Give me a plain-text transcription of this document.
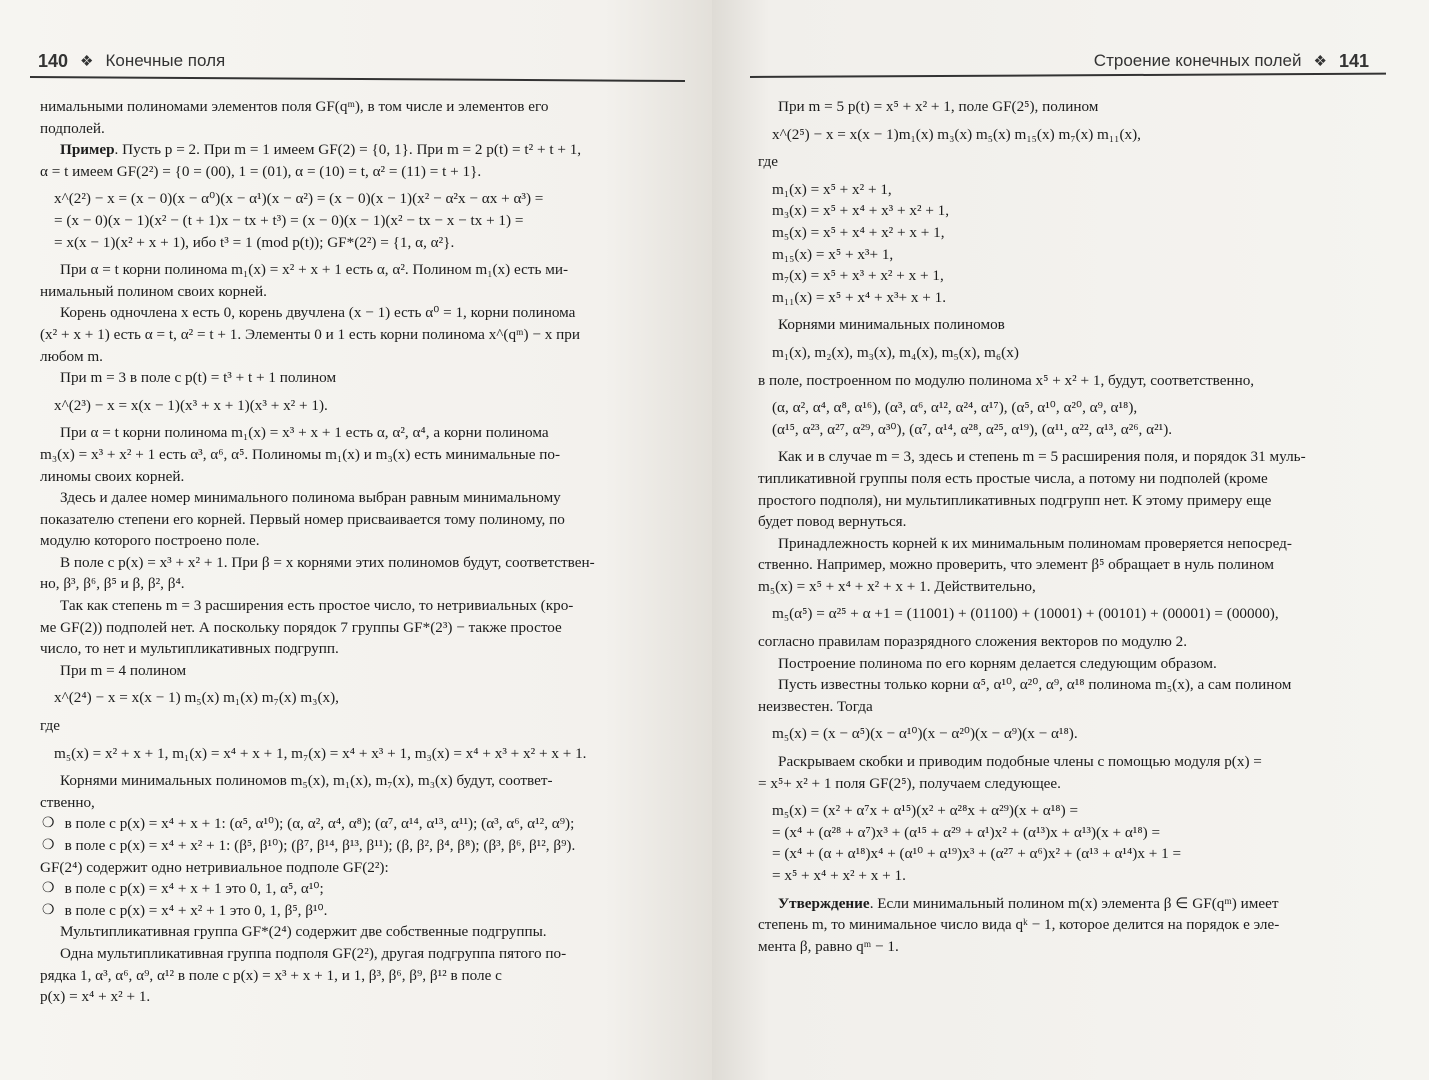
140 ❖ Конечные поля
нимальными полиномами элементов поля GF(qᵐ), в том числе и элементов его
подполей.
Пример. Пусть p = 2. При m = 1 имеем GF(2) = {0, 1}. При m = 2 p(t) = t² + t + 1,
α = t имеем GF(2²) = {0 = (00), 1 = (01), α = (10) = t, α² = (11) = t + 1}.
x^(2²) − x = (x − 0)(x − α⁰)(x − α¹)(x − α²) = (x − 0)(x − 1)(x² − α²x − αx + α³) =
= (x − 0)(x − 1)(x² − (t + 1)x − tx + t³) = (x − 0)(x − 1)(x² − tx − x − tx + 1) =
= x(x − 1)(x² + x + 1), ибо t³ = 1 (mod p(t)); GF*(2²) = {1, α, α²}.
При α = t корни полинома m₁(x) = x² + x + 1 есть α, α². Полином m₁(x) есть ми-
нимальный полином своих корней.
Корень одночлена x есть 0, корень двучлена (x − 1) есть α⁰ = 1, корни полинома
(x² + x + 1) есть α = t, α² = t + 1. Элементы 0 и 1 есть корни полинома x^(qᵐ) − x при
любом m.
При m = 3 в поле с p(t) = t³ + t + 1 полином
x^(2³) − x = x(x − 1)(x³ + x + 1)(x³ + x² + 1).
При α = t корни полинома m₁(x) = x³ + x + 1 есть α, α², α⁴, а корни полинома
m₃(x) = x³ + x² + 1 есть α³, α⁶, α⁵. Полиномы m₁(x) и m₃(x) есть минимальные по-
линомы своих корней.
Здесь и далее номер минимального полинома выбран равным минимальному
показателю степени его корней. Первый номер присваивается тому полиному, по
модулю которого построено поле.
В поле с p(x) = x³ + x² + 1. При β = x корнями этих полиномов будут, соответствен-
но, β³, β⁶, β⁵ и β, β², β⁴.
Так как степень m = 3 расширения есть простое число, то нетривиальных (кро-
ме GF(2)) подполей нет. А поскольку порядок 7 группы GF*(2³) − также простое
число, то нет и мультипликативных подгрупп.
При m = 4 полином
x^(2⁴) − x = x(x − 1) m₅(x) m₁(x) m₇(x) m₃(x),
где
m₅(x) = x² + x + 1, m₁(x) = x⁴ + x + 1, m₇(x) = x⁴ + x³ + 1, m₃(x) = x⁴ + x³ + x² + x + 1.
Корнями минимальных полиномов m₅(x), m₁(x), m₇(x), m₃(x) будут, соответ-
ственно,
❍ в поле с p(x) = x⁴ + x + 1: (α⁵, α¹⁰); (α, α², α⁴, α⁸); (α⁷, α¹⁴, α¹³, α¹¹); (α³, α⁶, α¹², α⁹);
❍ в поле с p(x) = x⁴ + x² + 1: (β⁵, β¹⁰); (β⁷, β¹⁴, β¹³, β¹¹); (β, β², β⁴, β⁸); (β³, β⁶, β¹², β⁹).
GF(2⁴) содержит одно нетривиальное подполе GF(2²):
❍ в поле с p(x) = x⁴ + x + 1 это 0, 1, α⁵, α¹⁰;
❍ в поле с p(x) = x⁴ + x² + 1 это 0, 1, β⁵, β¹⁰.
Мультипликативная группа GF*(2⁴) содержит две собственные подгруппы.
Одна мультипликативная группа подполя GF(2²), другая подгруппа пятого по-
рядка 1, α³, α⁶, α⁹, α¹² в поле с p(x) = x³ + x + 1, и 1, β³, β⁶, β⁹, β¹² в поле с
p(x) = x⁴ + x² + 1.
Строение конечных полей ❖ 141
При m = 5 p(t) = x⁵ + x² + 1, поле GF(2⁵), полином
x^(2⁵) − x = x(x − 1)m₁(x) m₃(x) m₅(x) m₁₅(x) m₇(x) m₁₁(x),
где
m₁(x) = x⁵ + x² + 1,
m₃(x) = x⁵ + x⁴ + x³ + x² + 1,
m₅(x) = x⁵ + x⁴ + x² + x + 1,
m₁₅(x) = x⁵ + x³+ 1,
m₇(x) = x⁵ + x³ + x² + x + 1,
m₁₁(x) = x⁵ + x⁴ + x³+ x + 1.
Корнями минимальных полиномов
m₁(x), m₂(x), m₃(x), m₄(x), m₅(x), m₆(x)
в поле, построенном по модулю полинома x⁵ + x² + 1, будут, соответственно,
(α, α², α⁴, α⁸, α¹⁶), (α³, α⁶, α¹², α²⁴, α¹⁷), (α⁵, α¹⁰, α²⁰, α⁹, α¹⁸),
(α¹⁵, α²³, α²⁷, α²⁹, α³⁰), (α⁷, α¹⁴, α²⁸, α²⁵, α¹⁹), (α¹¹, α²², α¹³, α²⁶, α²¹).
Как и в случае m = 3, здесь и степень m = 5 расширения поля, и порядок 31 муль-
типликативной группы поля есть простые числа, а потому ни подполей (кроме
простого подполя), ни мультипликативных подгрупп нет. К этому примеру еще
будет повод вернуться.
Принадлежность корней к их минимальным полиномам проверяется непосред-
ственно. Например, можно проверить, что элемент β⁵ обращает в нуль полином
m₅(x) = x⁵ + x⁴ + x² + x + 1. Действительно,
m₅(α⁵) = α²⁵ + α +1 = (11001) + (01100) + (10001) + (00101) + (00001) = (00000),
согласно правилам поразрядного сложения векторов по модулю 2.
Построение полинома по его корням делается следующим образом.
Пусть известны только корни α⁵, α¹⁰, α²⁰, α⁹, α¹⁸ полинома m₅(x), а сам полином
неизвестен. Тогда
m₅(x) = (x − α⁵)(x − α¹⁰)(x − α²⁰)(x − α⁹)(x − α¹⁸).
Раскрываем скобки и приводим подобные члены с помощью модуля p(x) =
= x⁵+ x² + 1 поля GF(2⁵), получаем следующее.
m₅(x) = (x² + α⁷x + α¹⁵)(x² + α²⁸x + α²⁹)(x + α¹⁸) =
= (x⁴ + (α²⁸ + α⁷)x³ + (α¹⁵ + α²⁹ + α¹)x² + (α¹³)x + α¹³)(x + α¹⁸) =
= (x⁴ + (α + α¹⁸)x⁴ + (α¹⁰ + α¹⁹)x³ + (α²⁷ + α⁶)x² + (α¹³ + α¹⁴)x + 1 =
= x⁵ + x⁴ + x² + x + 1.
Утверждение. Если минимальный полином m(x) элемента β ∈ GF(qᵐ) имеет
степень m, то минимальное число вида qᵏ − 1, которое делится на порядок e эле-
мента β, равно qᵐ − 1.
